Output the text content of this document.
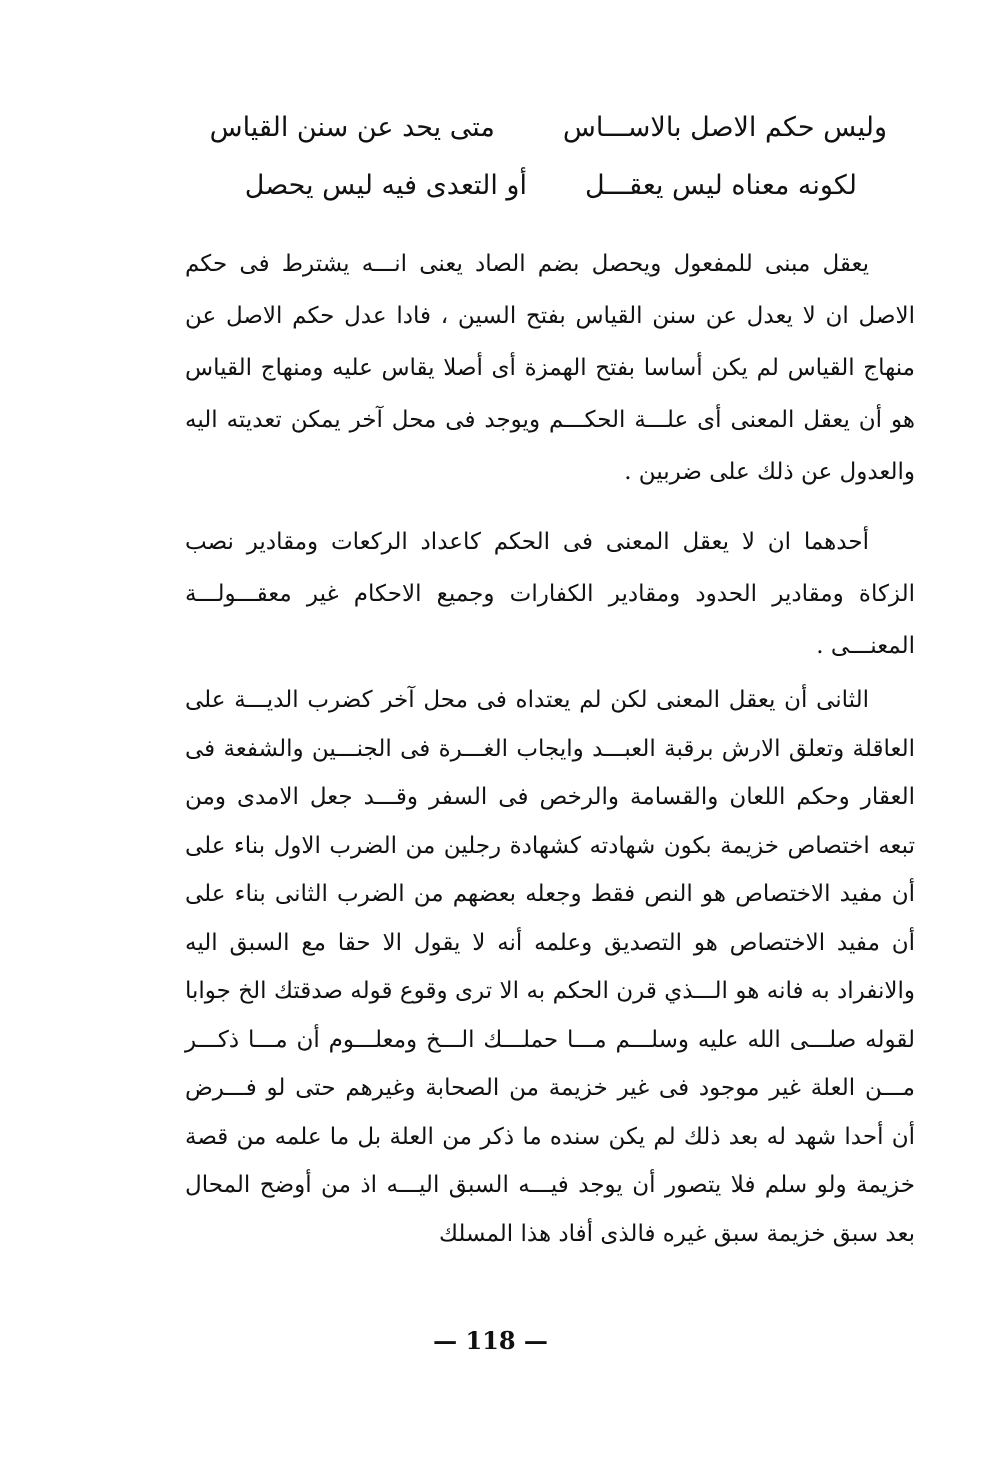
وليس حكم الاصل بالاســـاسمتى يحد عن سنن القياس
لكونه معناه ليس يعقـــلأو التعدى فيه ليس يحصل

يعقل مبنى للمفعول ويحصل بضم الصاد يعنى انـــه يشترط فى حكم الاصل ان لا يعدل عن سنن القياس بفتح السين ، فادا عدل حكم الاصل عن منهاج القياس لم يكن أساسا بفتح الهمزة أى أصلا يقاس عليه ومنهاج القياس هو أن يعقل المعنى أى علـــة الحكـــم ويوجد فى محل آخر يمكن تعديته اليه والعدول عن ذلك على ضربين .

أحدهما ان لا يعقل المعنى فى الحكم كاعداد الركعات ومقادير نصب الزكاة ومقادير الحدود ومقادير الكفارات وجميع الاحكام غير معقـــولـــة المعنـــى .

الثانى أن يعقل المعنى لكن لم يعتداه فى محل آخر كضرب الديـــة على العاقلة وتعلق الارش برقبة العبـــد وايجاب الغـــرة فى الجنـــين والشفعة فى العقار وحكم اللعان والقسامة والرخص فى السفر وقـــد جعل الامدى ومن تبعه اختصاص خزيمة بكون شهادته كشهادة رجلين من الضرب الاول بناء على أن مفيد الاختصاص هو النص فقط وجعله بعضهم من الضرب الثانى بناء على أن مفيد الاختصاص هو التصديق وعلمه أنه لا يقول الا حقا مع السبق اليه والانفراد به فانه هو الـــذي قرن الحكم به الا ترى وقوع قوله صدقتك الخ جوابا لقوله صلـــى الله عليه وسلـــم مـــا حملـــك الـــخ ومعلـــوم أن مـــا ذكـــر مـــن العلة غير موجود فى غير خزيمة من الصحابة وغيرهم حتى لو فـــرض أن أحدا شهد له بعد ذلك لم يكن سنده ما ذكر من العلة بل ما علمه من قصة خزيمة ولو سلم فلا يتصور أن يوجد فيـــه السبق اليـــه اذ من أوضح المحال بعد سبق خزيمة سبق غيره فالذى أفاد هذا المسلك

— 118 —
